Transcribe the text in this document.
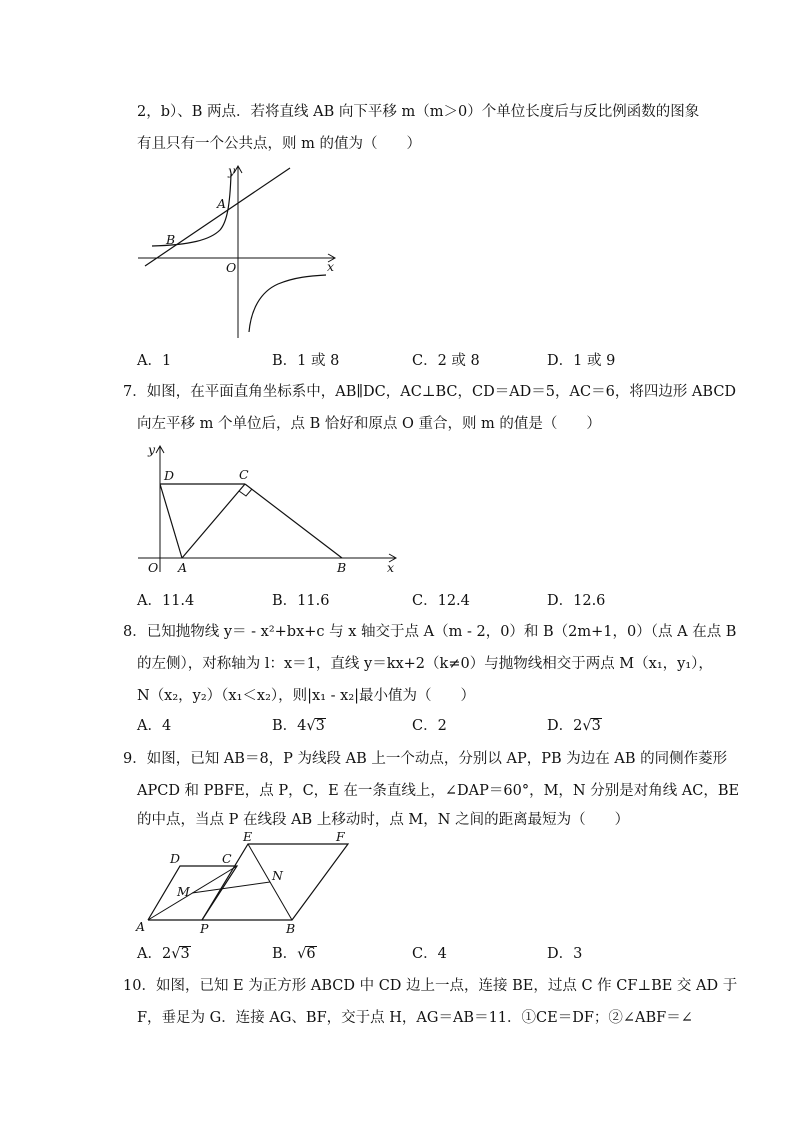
2，b）、B 两点．若将直线 AB 向下平移 m（m＞0）个单位长度后与反比例函数的图象
有且只有一个公共点，则 m 的值为（　　）
y
x
O
A
B
A．1	B．1 或 8	C．2 或 8	D．1 或 9
7．如图，在平面直角坐标系中，AB∥DC，AC⊥BC，CD＝AD＝5，AC＝6，将四边形 ABCD
向左平移 m 个单位后，点 B 恰好和原点 O 重合，则 m 的值是（　　）
y
x
O A	B
C
D
A．11.4	B．11.6	C．12.4	D．12.6
8．已知抛物线 y＝ - x²+bx+c 与 x 轴交于点 A（m - 2，0）和 B（2m+1，0）（点 A 在点 B
的左侧），对称轴为 l：x＝1，直线 y＝kx+2（k≠0）与抛物线相交于两点 M（x₁，y₁），
N（x₂，y₂）（x₁＜x₂），则|x₁ - x₂|最小值为（　　）
A．4	B．4√3	C．2	D．2√3
9．如图，已知 AB＝8，P 为线段 AB 上一个动点，分别以 AP，PB 为边在 AB 的同侧作菱形
APCD 和 PBFE，点 P，C，E 在一条直线上，∠DAP＝60°，M，N 分别是对角线 AC，BE
的中点，当点 P 在线段 AB 上移动时，点 M，N 之间的距离最短为（　　）
A	P	B
C
D
E	F
M
N
A．2√3	B．√6	C．4	D．3
10．如图，已知 E 为正方形 ABCD 中 CD 边上一点，连接 BE，过点 C 作 CF⊥BE 交 AD 于
F，垂足为 G．连接 AG、BF，交于点 H，AG＝AB＝11．①CE＝DF；②∠ABF＝∠
